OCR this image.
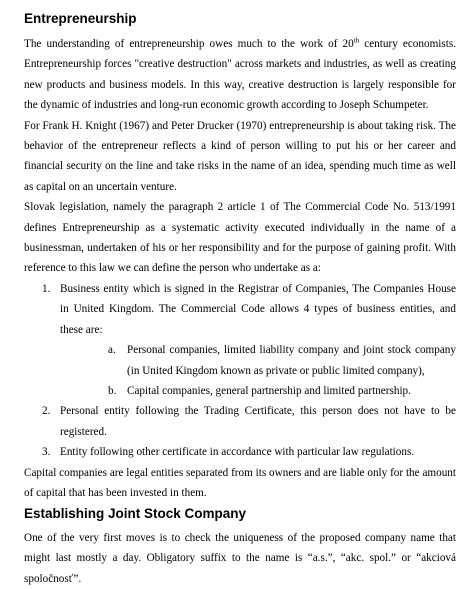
Entrepreneurship

The understanding of entrepreneurship owes much to the work of 20th century economists. Entrepreneurship forces "creative destruction" across markets and industries, as well as creating new products and business models. In this way, creative destruction is largely responsible for the dynamic of industries and long-run economic growth according to Joseph Schumpeter.

For Frank H. Knight (1967) and Peter Drucker (1970) entrepreneurship is about taking risk. The behavior of the entrepreneur reflects a kind of person willing to put his or her career and financial security on the line and take risks in the name of an idea, spending much time as well as capital on an uncertain venture.

Slovak legislation, namely the paragraph 2 article 1 of The Commercial Code No. 513/1991 defines Entrepreneurship as a systematic activity executed individually in the name of a businessman, undertaken of his or her responsibility and for the purpose of gaining profit. With reference to this law we can define the person who undertake as a:

1. Business entity which is signed in the Registrar of Companies, The Companies House in United Kingdom. The Commercial Code allows 4 types of business entities, and these are:
a. Personal companies, limited liability company and joint stock company (in United Kingdom known as private or public limited company),
b. Capital companies, general partnership and limited partnership.
2. Personal entity following the Trading Certificate, this person does not have to be registered.
3. Entity following other certificate in accordance with particular law regulations.

Capital companies are legal entities separated from its owners and are liable only for the amount of capital that has been invested in them.

Establishing Joint Stock Company

One of the very first moves is to check the uniqueness of the proposed company name that might last mostly a day. Obligatory suffix to the name is “a.s.”, “akc. spol.” or “akciová spoločnosť”.
